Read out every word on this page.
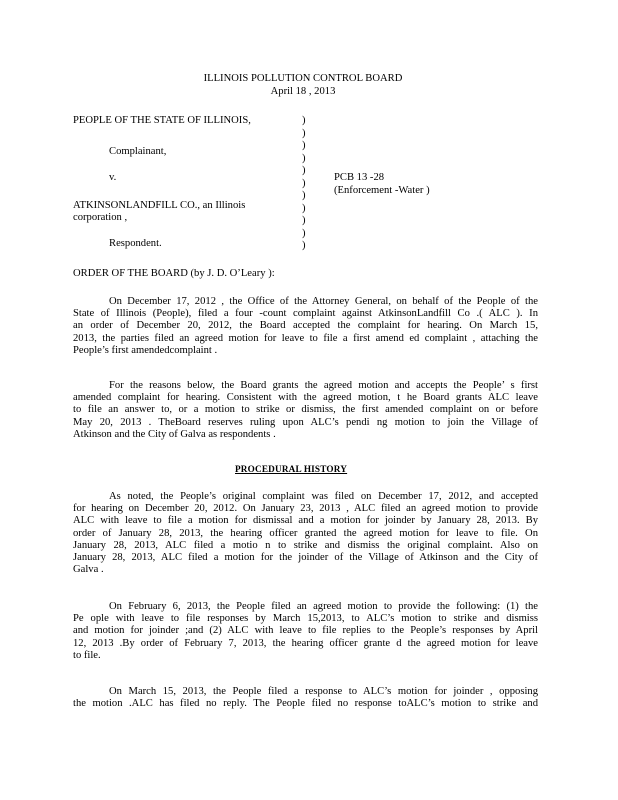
ILLINOIS POLLUTION CONTROL BOARD
April 18 , 2013
PEOPLE OF THE STATE OF ILLINOIS,
Complainant,
v.
ATKINSONLANDFILL CO., an Illinois
corporation ,
Respondent.
)
)
)
)
)
)
)
)
)
)
)
PCB 13 -28
(Enforcement -Water )
ORDER OF THE BOARD (by J. D. O’Leary ):
On December 17, 2012 , the Office of the Attorney General, on behalf of the People of the
State of Illinois (People), filed a four -count complaint against AtkinsonLandfill Co .( ALC ). In
an order of December 20, 2012, the Board accepted the complaint for hearing. On March 15,
2013, the parties filed an agreed motion for leave to file a first amend ed complaint , attaching the
People’s first amendedcomplaint .
For the reasons below, the Board grants the agreed motion and accepts the People’ s first
amended complaint for hearing. Consistent with the agreed motion, t he Board grants ALC leave
to file an answer to, or a motion to strike or dismiss, the first amended complaint on or before
May 20, 2013 . TheBoard reserves ruling upon ALC’s pendi ng motion to join the Village of
Atkinson and the City of Galva as respondents .
PROCEDURAL HISTORY
As noted, the People’s original complaint was filed on December 17, 2012, and accepted
for hearing on December 20, 2012. On January 23, 2013 , ALC filed an agreed motion to provide
ALC with leave to file a motion for dismissal and a motion for joinder by January 28, 2013. By
order of January 28, 2013, the hearing officer granted the agreed motion for leave to file. On
January 28, 2013, ALC filed a motio n to strike and dismiss the original complaint. Also on
January 28, 2013, ALC filed a motion for the joinder of the Village of Atkinson and the City of
Galva .
On February 6, 2013, the People filed an agreed motion to provide the following: (1) the
Pe ople with leave to file responses by March 15,2013, to ALC’s motion to strike and dismiss
and motion for joinder ;and (2) ALC with leave to file replies to the People’s responses by April
12, 2013 .By order of February 7, 2013, the hearing officer grante d the agreed motion for leave
to file.
On March 15, 2013, the People filed a response to ALC’s motion for joinder , opposing
the motion .ALC has filed no reply. The People filed no response toALC’s motion to strike and
